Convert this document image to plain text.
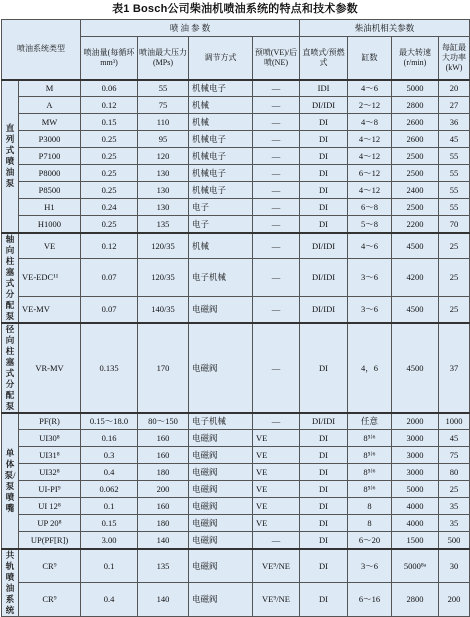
表1 Bosch公司柴油机喷油系统的特点和技术参数
喷油系统类型		喷 油 参 数				柴油机相关参数			
		喷油量(每循环mm³)	喷油最大压力(MPs)	调节方式	预喷(VE)/后喷(NE)	直喷式/预燃式	缸数	最大转速(r/min)	每缸最大功率(kW)
直列式喷油泵	M	0.06	55	机械电子	—	IDI	4～6	5000	20
	A	0.12	75	机械	—	DI/IDI	2～12	2800	27
	MW	0.15	110	机械	—	DI	4～8	2600	36
	P3000	0.25	95	机械电子	—	DI	4～12	2600	45
	P7100	0.25	120	机械电子	—	DI	4～12	2500	55
	P8000	0.25	130	机械电子	—	DI	6～12	2500	55
	P8500	0.25	130	机械电子	—	DI	4～12	2400	55
	H1	0.24	130	电子	—	DI	6～8	2500	55
	H1000	0.25	135	电子	—	DI	5～8	2200	70
轴向柱塞式分配泵	VE	0.12	120/35	机械	—	DI/IDI	4～6	4500	25
	VE-EDC¹¹	0.07	120/35	电子机械	—	DI/IDI	3～6	4200	25
	VE-MV	0.07	140/35	电磁阀	—	DI/IDI	3～6	4500	25
径向柱塞式分配泵	VR-MV	0.135	170	电磁阀	—	DI	4，6	4500	37
单体泵/泵喷嘴	PF(R)	0.15～18.0	80～150	电子机械	—	DI/IDI	任意	2000	1000
	UI30⁸	0.16	160	电磁阀	VE	DI	8⁵⁾⁶	3000	45
	UI31⁸	0.3	160	电磁阀	VE	DI	8⁵⁾⁶	3000	75
	UI32⁸	0.4	180	电磁阀	VE	DI	8⁵⁾⁶	3000	80
	UI-PI⁹	0.062	200	电磁阀	VE	DI	8⁵⁾⁶	5000	25
	UI 12⁸	0.1	160	电磁阀	VE	DI	8	4000	35
	UP 20⁸	0.15	180	电磁阀	VE	DI	8	4000	35
	UP(PF[R])	3.00	140	电磁阀	—	DI	6～20	1500	500
共轨喷油系统	CR⁹	0.1	135	电磁阀	VE⁹/NE	DI	3～6	5000⁸ᵃ	30
	CR⁹	0.4	140	电磁阀	VE⁹/NE	DI	6～16	2800	200
